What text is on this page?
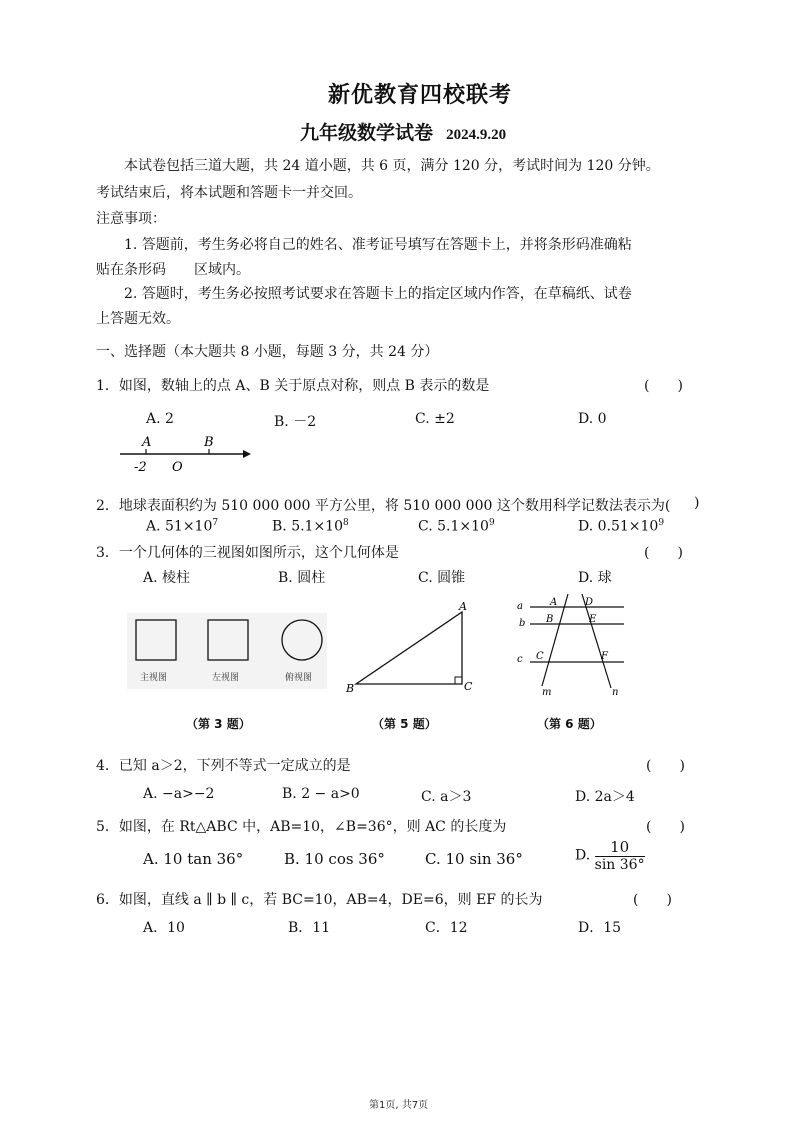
新优教育四校联考
九年级数学试卷 2024.9.20
本试卷包括三道大题，共 24 道小题，共 6 页，满分 120 分，考试时间为 120 分钟。
考试结束后，将本试题和答题卡一并交回。
注意事项：
1. 答题前，考生务必将自己的姓名、准考证号填写在答题卡上，并将条形码准确粘
贴在条形码　　区域内。
2. 答题时，考生务必按照考试要求在答题卡上的指定区域内作答，在草稿纸、试卷
上答题无效。
一、选择题（本大题共 8 小题，每题 3 分，共 24 分）
1．如图，数轴上的点 A、B 关于原点对称，则点 B 表示的数是	(　　)
A. 2	B. －2	C. ±2	D. 0
A	B
-2 O
2．地球表面积约为 510 000 000 平方公里，将 510 000 000 这个数用科学记数法表示为( )
A. $51\times 10^7$	B. $5.1\times 10^8$	C. $5.1\times 10^9$	D. $0.51\times 10^9$
3．一个几何体的三视图如图所示，这个几何体是	(　　)
A. 棱柱	B. 圆柱	C. 圆锥	D. 球
主视图	左视图	俯视图
A
B	C
a
b
c
A	D
B	E
C	F
m	n
（第 3 题）	（第 5 题）	（第 6 题）
4．已知 a＞2，下列不等式一定成立的是	(　　)
A. −a>−2	B. 2 − a>0	C. a＞3	D. 2a＞4
5．如图，在 Rt△ABC 中，AB=10，∠B=36°，则 AC 的长度为	(　　)
A. 10 tan 36°	B. 10 cos 36°	C. 10 sin 36°	D. $\frac{10}{\sin 36^\circ}$
6．如图，直线 a ∥ b ∥ c，若 BC=10，AB=4，DE=6，则 EF 的长为	(　　)
A．10	B．11	C．12	D．15
第1页, 共7页
